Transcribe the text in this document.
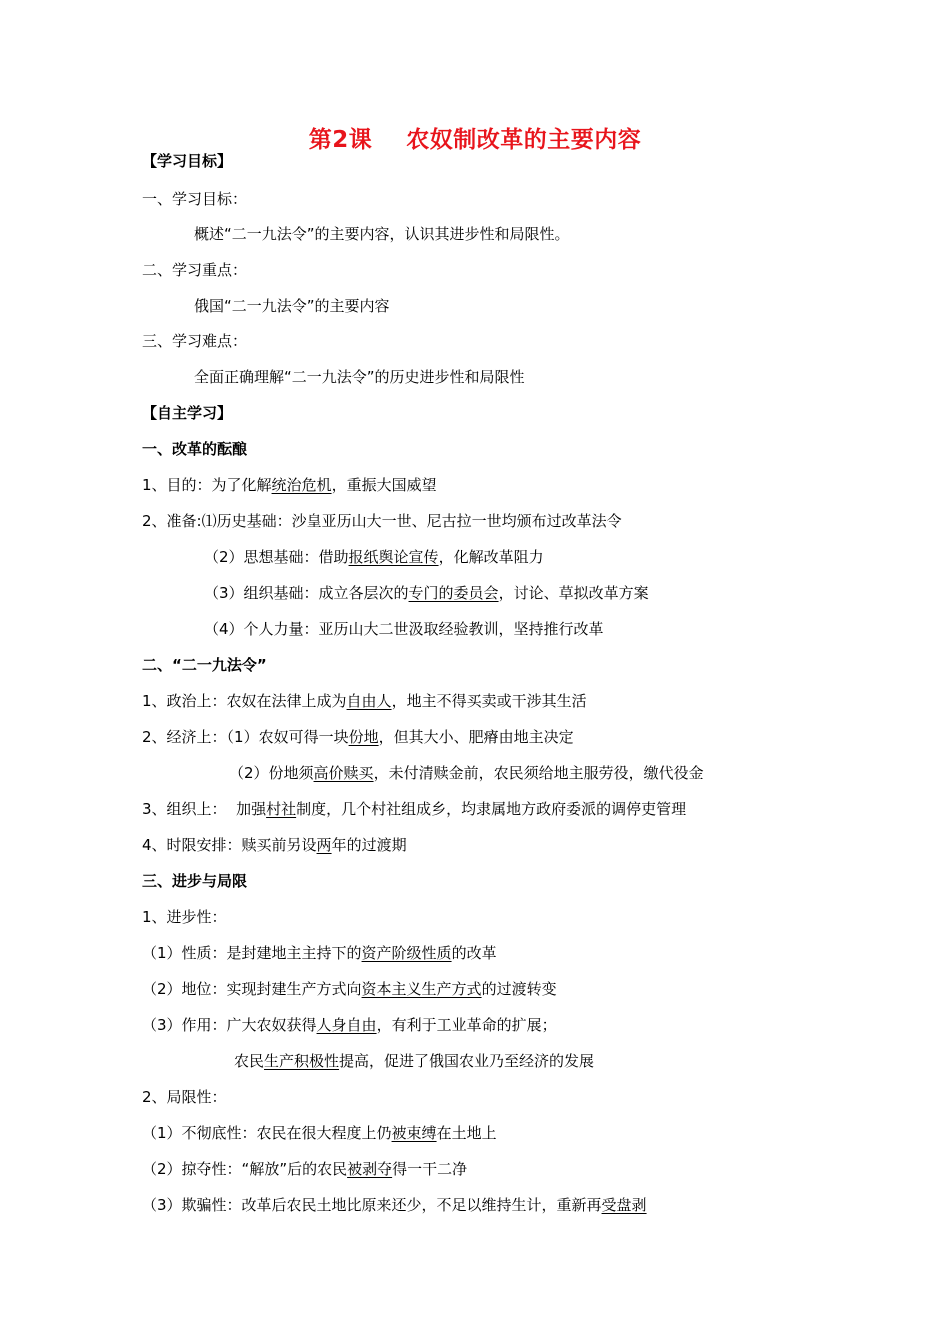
第2课 农奴制改革的主要内容
【学习目标】
一、学习目标：
概述“二一九法令”的主要内容，认识其进步性和局限性。
二、学习重点：
俄国“二一九法令”的主要内容
三、学习难点：
全面正确理解“二一九法令”的历史进步性和局限性
【自主学习】
一、改革的酝酿
1、目的：为了化解统治危机，重振大国威望
2、准备:⑴历史基础：沙皇亚历山大一世、尼古拉一世均颁布过改革法令
（2）思想基础：借助报纸舆论宣传，化解改革阻力
（3）组织基础：成立各层次的专门的委员会，讨论、草拟改革方案
（4）个人力量：亚历山大二世汲取经验教训，坚持推行改革
二、“二一九法令”
1、政治上：农奴在法律上成为自由人，地主不得买卖或干涉其生活
2、经济上：（1）农奴可得一块份地，但其大小、肥瘠由地主决定
（2）份地须高价赎买，未付清赎金前，农民须给地主服劳役，缴代役金
3、组织上：  加强村社制度，几个村社组成乡，均隶属地方政府委派的调停吏管理
4、时限安排：赎买前另设两年的过渡期
三、进步与局限
1、进步性：
（1）性质：是封建地主主持下的资产阶级性质的改革
（2）地位：实现封建生产方式向资本主义生产方式的过渡转变
（3）作用：广大农奴获得人身自由，有利于工业革命的扩展；
农民生产积极性提高，促进了俄国农业乃至经济的发展
2、局限性：
（1）不彻底性：农民在很大程度上仍被束缚在土地上
（2）掠夺性：“解放”后的农民被剥夺得一干二净
（3）欺骗性：改革后农民土地比原来还少，不足以维持生计，重新再受盘剥
